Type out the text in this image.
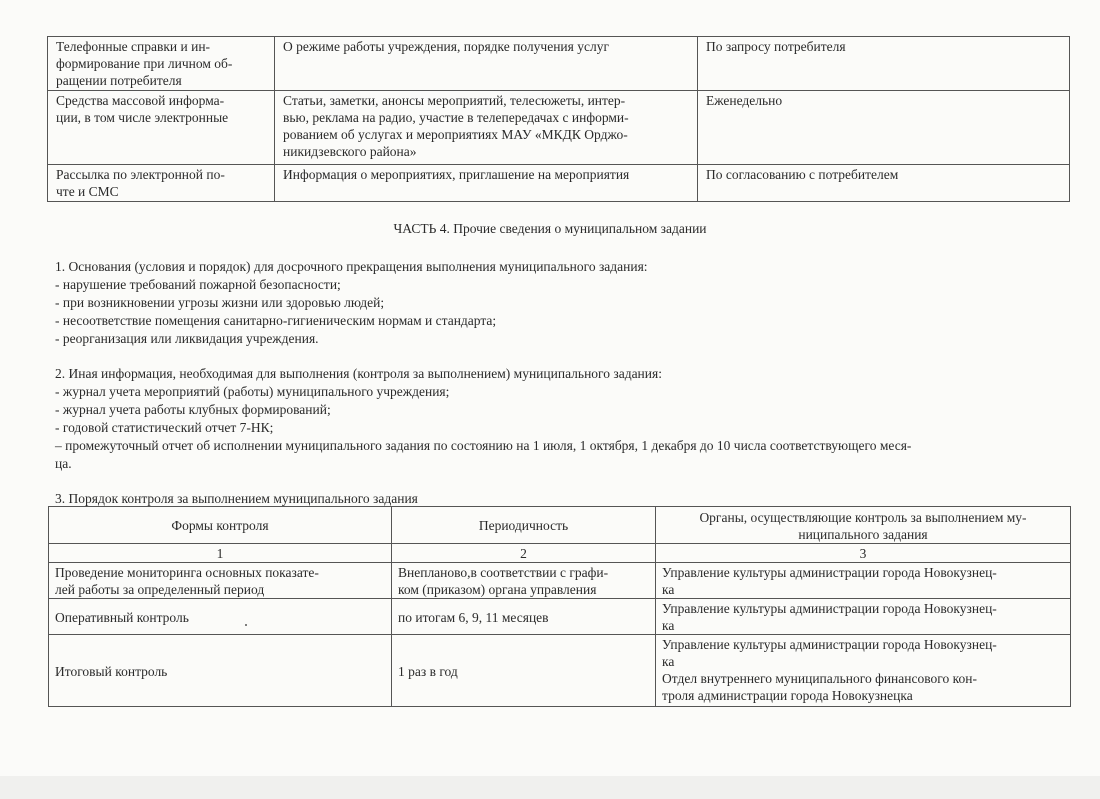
Телефонные справки и ин-
формирование при личном об-
ращении потребителя	О режиме работы учреждения, порядке получения услуг	По запросу потребителя
Средства массовой информа-
ции, в том числе электронные	Статьи, заметки, анонсы мероприятий, телесюжеты, интер-
вью, реклама на радио, участие в телепередачах с информи-
рованием об услугах и мероприятиях МАУ «МКДК Орджо-
никидзевского района»	Еженедельно
Рассылка по электронной по-
чте и СМС	Информация о мероприятиях, приглашение на мероприятия	По согласованию с потребителем
ЧАСТЬ 4. Прочие сведения о муниципальном задании
1. Основания (условия и порядок) для досрочного прекращения выполнения муниципального задания:
- нарушение требований пожарной безопасности;
- при возникновении угрозы жизни или здоровью людей;
- несоответствие помещения санитарно-гигиеническим нормам и стандарта;
- реорганизация или ликвидация учреждения.
2. Иная информация, необходимая для выполнения (контроля за выполнением) муниципального задания:
- журнал учета мероприятий (работы) муниципального учреждения;
- журнал учета работы клубных формирований;
- годовой статистический отчет 7-НК;
– промежуточный отчет об исполнении муниципального задания по состоянию на 1 июля, 1 октября, 1 декабря до 10 числа соответствующего меся-
ца.
3. Порядок контроля за выполнением муниципального задания
Формы контроля	Периодичность	Органы, осуществляющие контроль за выполнением му-
ниципального задания
1	2	3
Проведение мониторинга основных показате-
лей работы за определенный период	Внепланово,в соответствии с графи-
ком (приказом) органа управления	Управление культуры администрации города Новокузнец-
ка
Оперативный контроль	по итогам 6, 9, 11 месяцев	Управление культуры администрации города Новокузнец-
ка
Итоговый контроль	1 раз в год	Управление культуры администрации города Новокузнец-
ка
Отдел внутреннего муниципального финансового кон-
троля администрации города Новокузнецка
